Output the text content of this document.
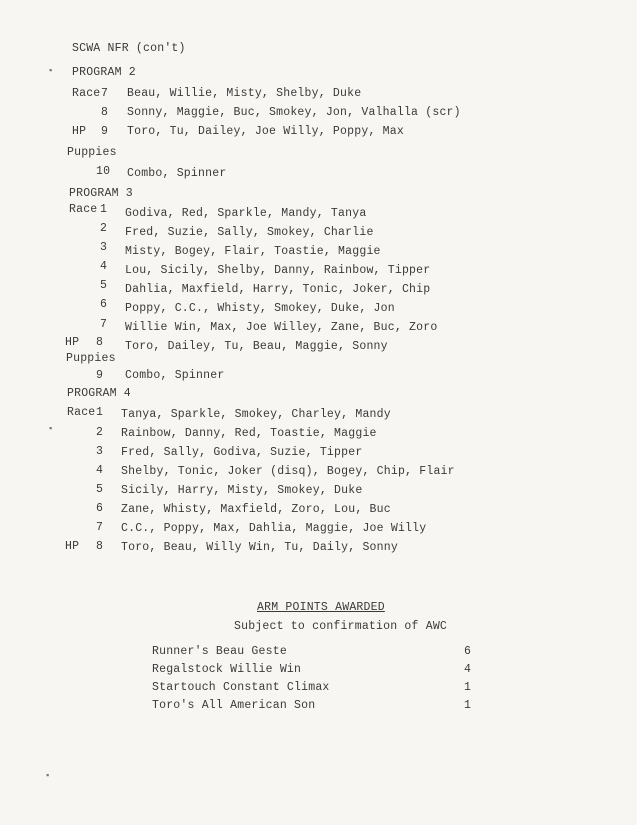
▪
▪
▪
SCWA NFR (con't)
PROGRAM 2
Race 7 Beau, Willie, Misty, Shelby, Duke
8 Sonny, Maggie, Buc, Smokey, Jon, Valhalla (scr)
HP 9 Toro, Tu, Dailey, Joe Willy, Poppy, Max
Puppies
10 Combo, Spinner
PROGRAM 3
Race 1 Godiva, Red, Sparkle, Mandy, Tanya
2 Fred, Suzie, Sally, Smokey, Charlie
3 Misty, Bogey, Flair, Toastie, Maggie
4 Lou, Sicily, Shelby, Danny, Rainbow, Tipper
5 Dahlia, Maxfield, Harry, Tonic, Joker, Chip
6 Poppy, C.C., Whisty, Smokey, Duke, Jon
7 Willie Win, Max, Joe Willey, Zane, Buc, Zoro
HP 8 Toro, Dailey, Tu, Beau, Maggie, Sonny
Puppies
9 Combo, Spinner
PROGRAM 4
Race 1 Tanya, Sparkle, Smokey, Charley, Mandy
2 Rainbow, Danny, Red, Toastie, Maggie
3 Fred, Sally, Godiva, Suzie, Tipper
4 Shelby, Tonic, Joker (disq), Bogey, Chip, Flair
5 Sicily, Harry, Misty, Smokey, Duke
6 Zane, Whisty, Maxfield, Zoro, Lou, Buc
7 C.C., Poppy, Max, Dahlia, Maggie, Joe Willy
HP 8 Toro, Beau, Willy Win, Tu, Daily, Sonny
ARM POINTS AWARDED
Subject to confirmation of AWC
Runner's Beau Geste	6
Regalstock Willie Win	4
Startouch Constant Climax	1
Toro's All American Son	1
